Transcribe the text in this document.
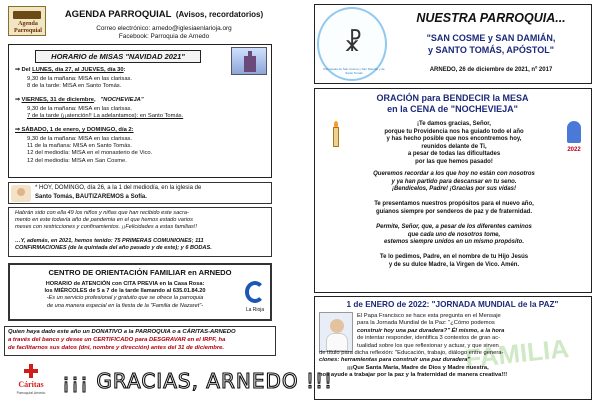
Agenda Parroquial
AGENDA PARROQUIAL (Avisos, recordatorios)
Correo electrónico: arnedo@iglesiaenlarioja.org
Facebook: Parroquia de Arnedo
HORARIO de MISAS "NAVIDAD 2021"
⇒ Del LUNES, día 27, al JUEVES, día 30:
9,30 de la mañana: MISA en las clarisas.
8 de la tarde: MISA en Santo Tomás.
⇒ VIERNES, 31 de diciembre,   "NOCHEVIEJA"
9,30 de la mañana: MISA en las clarisas.
7 de la tarde (¡¡atención!! La adelantamos): en Santo Tomás.
⇒ SÁBADO, 1 de enero, y DOMINGO, día 2:
9,30 de la mañana: MISA en las clarisas.
11 de la mañana: MISA en Santo Tomás.
12 del mediodía: MISA en el monasterio de Vico.
12 del mediodía: MISA en San Cosme.
* HOY, DOMINGO, día 26, a la 1 del mediodía, en la iglesia de
Santo Tomás, BAUTIZAREMOS a Sofía.
Habrán sido con ella 49 los niños y niñas que han recibido este sacra-
mento en este todavía año de pandemia en el que hemos estado varios
meses con restricciones y confinamientos. ¡¡Felicidades a estas familias!!
…Y, además, en 2021, hemos tenido: 75 PRIMERAS COMUNIONES; 111
CONFIRMACIONES (de la quintada del año pasado y de este); y 6 BODAS.
CENTRO DE ORIENTACIÓN FAMILIAR en ARNEDO
HORARIO de ATENCIÓN con CITA PREVIA en la Casa Rosa:
los MIÉRCOLES de 5 a 7 de la tarde llamando al 635.01.84.20
-Es un servicio profesional y gratuito que se ofrece la parroquia
de una manera especial en la fiesta de la "Familia de Nazaret"-
La Rioja
Quien haya dado este año un DONATIVO a la PARROQUIA o a CÁRITAS-ARNEDO
a través del banco y desee un CERTIFICADO para DESGRAVAR en el IRPF, ha
de facilitarnos sus datos (dni, nombre y dirección) antes del 31 de diciembre.
Cáritas
Parroquial Arnedo ¡¡¡ GRACIAS, ARNEDO !!!
☧
Parroquias de San Cosme y San Damián y de Santo Tomás
NUESTRA PARROQUIA...
"SAN COSME y SAN DAMIÁN,
y SANTO TOMÁS, APÓSTOL"
ARNEDO, 26 de diciembre de 2021, nº 2017
ORACIÓN para BENDECIR la MESA
en la CENA de "NOCHEVIEJA"
2022
¡Te damos gracias, Señor,
porque tu Providencia nos ha guiado todo el año
y has hecho posible que nos encontremos hoy,
reunidos delante de Ti,
a pesar de todas las dificultades
por las que hemos pasado!
Queremos recordar a los que hoy no están con nosotros
y ya han partido para descansar en tu seno.
¡Bendícelos, Padre! ¡Gracias por sus vidas!
Te presentamos nuestros propósitos para el nuevo año,
guíanos siempre por senderos de paz y de fraternidad.
Permite, Señor, que, a pesar de los diferentes caminos
que cada uno de nosotros tome,
estemos siempre unidos en un mismo propósito.
Te lo pedimos, Padre, en el nombre de tu Hijo Jesús
y de su dulce Madre, la Virgen de Vico. Amén.
FAMILIA
1 de ENERO de 2022: "JORNADA MUNDIAL de la PAZ"
El Papa Francisco se hace esta pregunta en el Mensaje
para la Jornada Mundial de la Paz: "¿Cómo podemos
construir hoy una paz duradera?" Él mismo, a la hora
de intentar responder, identifica 3 contextos de gran ac-
tualidad sobre los que reflexionar y actuar, y que sirven
de título para dicha reflexión: "Educación, trabajo, diálogo entre genera-
ciones: herramientas para construir una paz duradera"
¡¡¡Que Santa María, Madre de Dios y Madre nuestra,
nos ayude a trabajar por la paz y la fraternidad de manera creativa!!!
